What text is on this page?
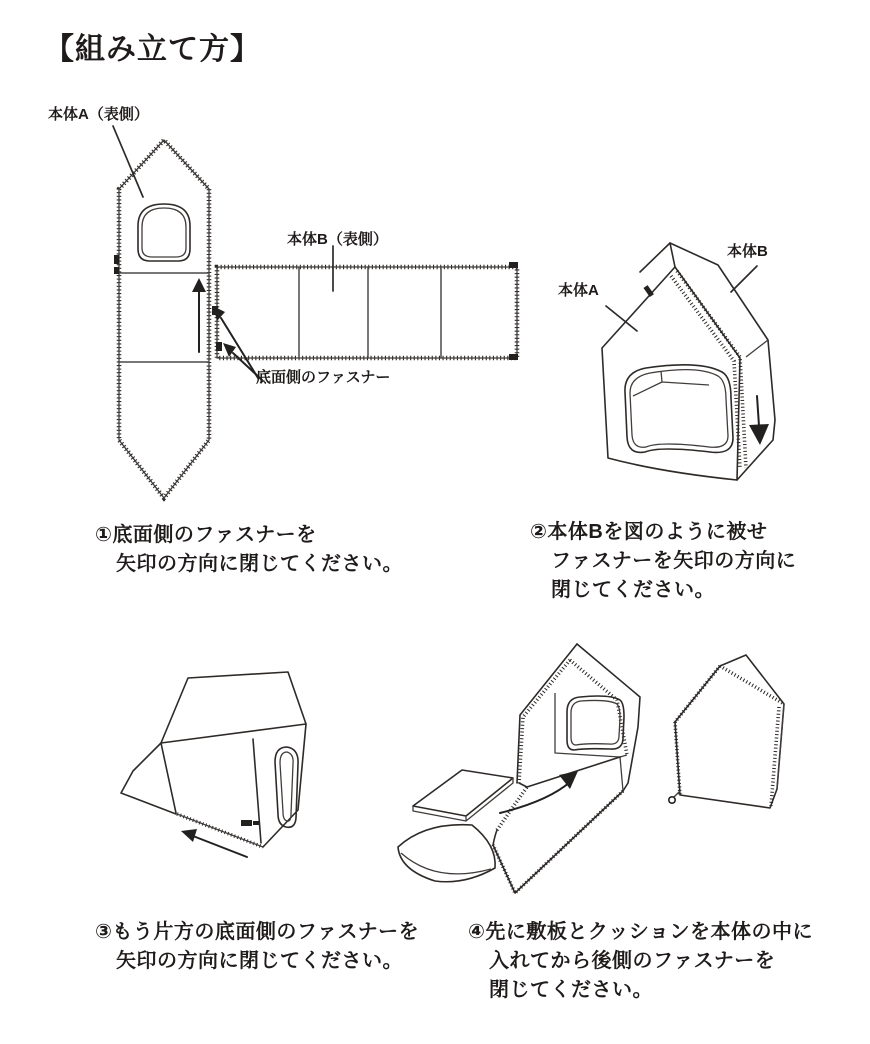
【組み立て方】
本体A（表側）
本体B（表側）
底面側のファスナー
本体A
本体B
①底面側のファスナーを
矢印の方向に閉じてください。
②本体Bを図のように被せ
ファスナーを矢印の方向に
閉じてください。
③もう片方の底面側のファスナーを
矢印の方向に閉じてください。
④先に敷板とクッションを本体の中に
入れてから後側のファスナーを
閉じてください。
